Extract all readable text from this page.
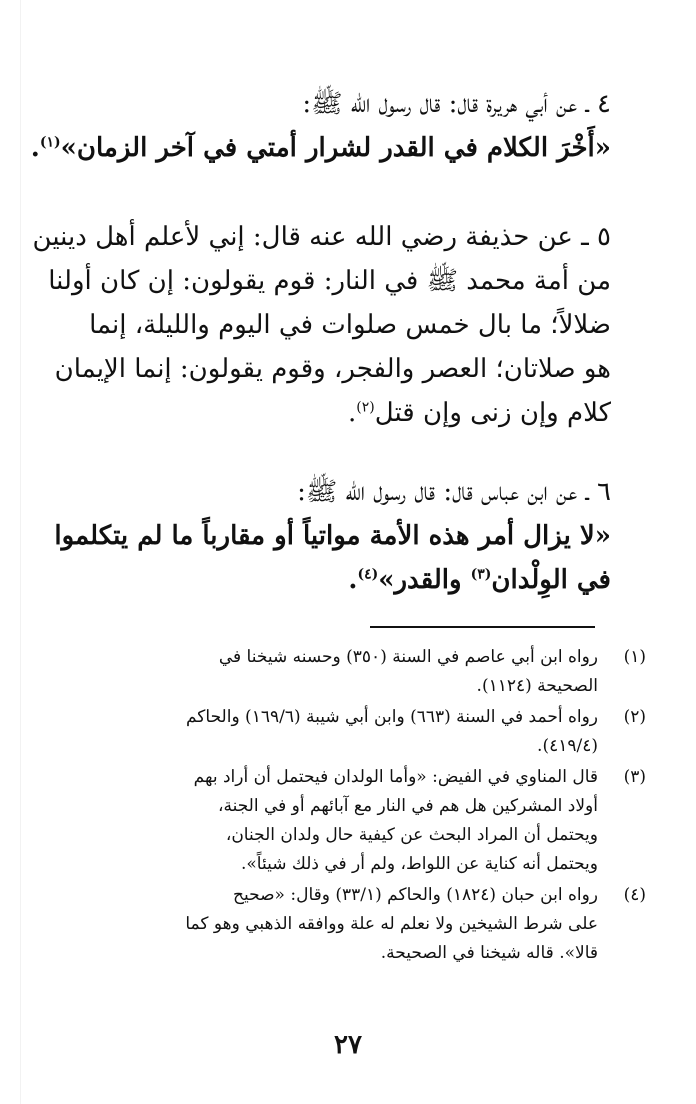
٤ ـ عن أبي هريرة قال: قال رسول الله ﷺ:
«أَخْرَ الكلام في القدر لشرار أمتي في آخر الزمان»$^{(١)}$.
٥ ـ عن حذيفة رضي الله عنه قال: إني لأعلم أهل دينين
من أمة محمد ﷺ في النار: قوم يقولون: إن كان أولنا
ضلالاً؛ ما بال خمس صلوات في اليوم والليلة، إنما
هو صلاتان؛ العصر والفجر، وقوم يقولون: إنما الإيمان
كلام وإن زنى وإن قتل$^{(٢)}$.
٦ ـ عن ابن عباس قال: قال رسول الله ﷺ:
«لا يزال أمر هذه الأمة مواتياً أو مقارباً ما لم يتكلموا
في الوِلْدان$^{(٣)}$ والقدر»$^{(٤)}$.
(١)
رواه ابن أبي عاصم في السنة (٣٥٠) وحسنه شيخنا في
الصحيحة (١١٢٤).
(٢)
رواه أحمد في السنة (٦٦٣) وابن أبي شيبة (١٦٩/٦) والحاكم
(٤١٩/٤).
(٣)
قال المناوي في الفيض: «وأما الولدان فيحتمل أن أراد بهم
أولاد المشركين هل هم في النار مع آبائهم أو في الجنة،
ويحتمل أن المراد البحث عن كيفية حال ولدان الجنان،
ويحتمل أنه كناية عن اللواط، ولم أر في ذلك شيئاً».
(٤)
رواه ابن حبان (١٨٢٤) والحاكم (٣٣/١) وقال: «صحيح
على شرط الشيخين ولا نعلم له علة ووافقه الذهبي وهو كما
قالا». قاله شيخنا في الصحيحة.
٢٧
